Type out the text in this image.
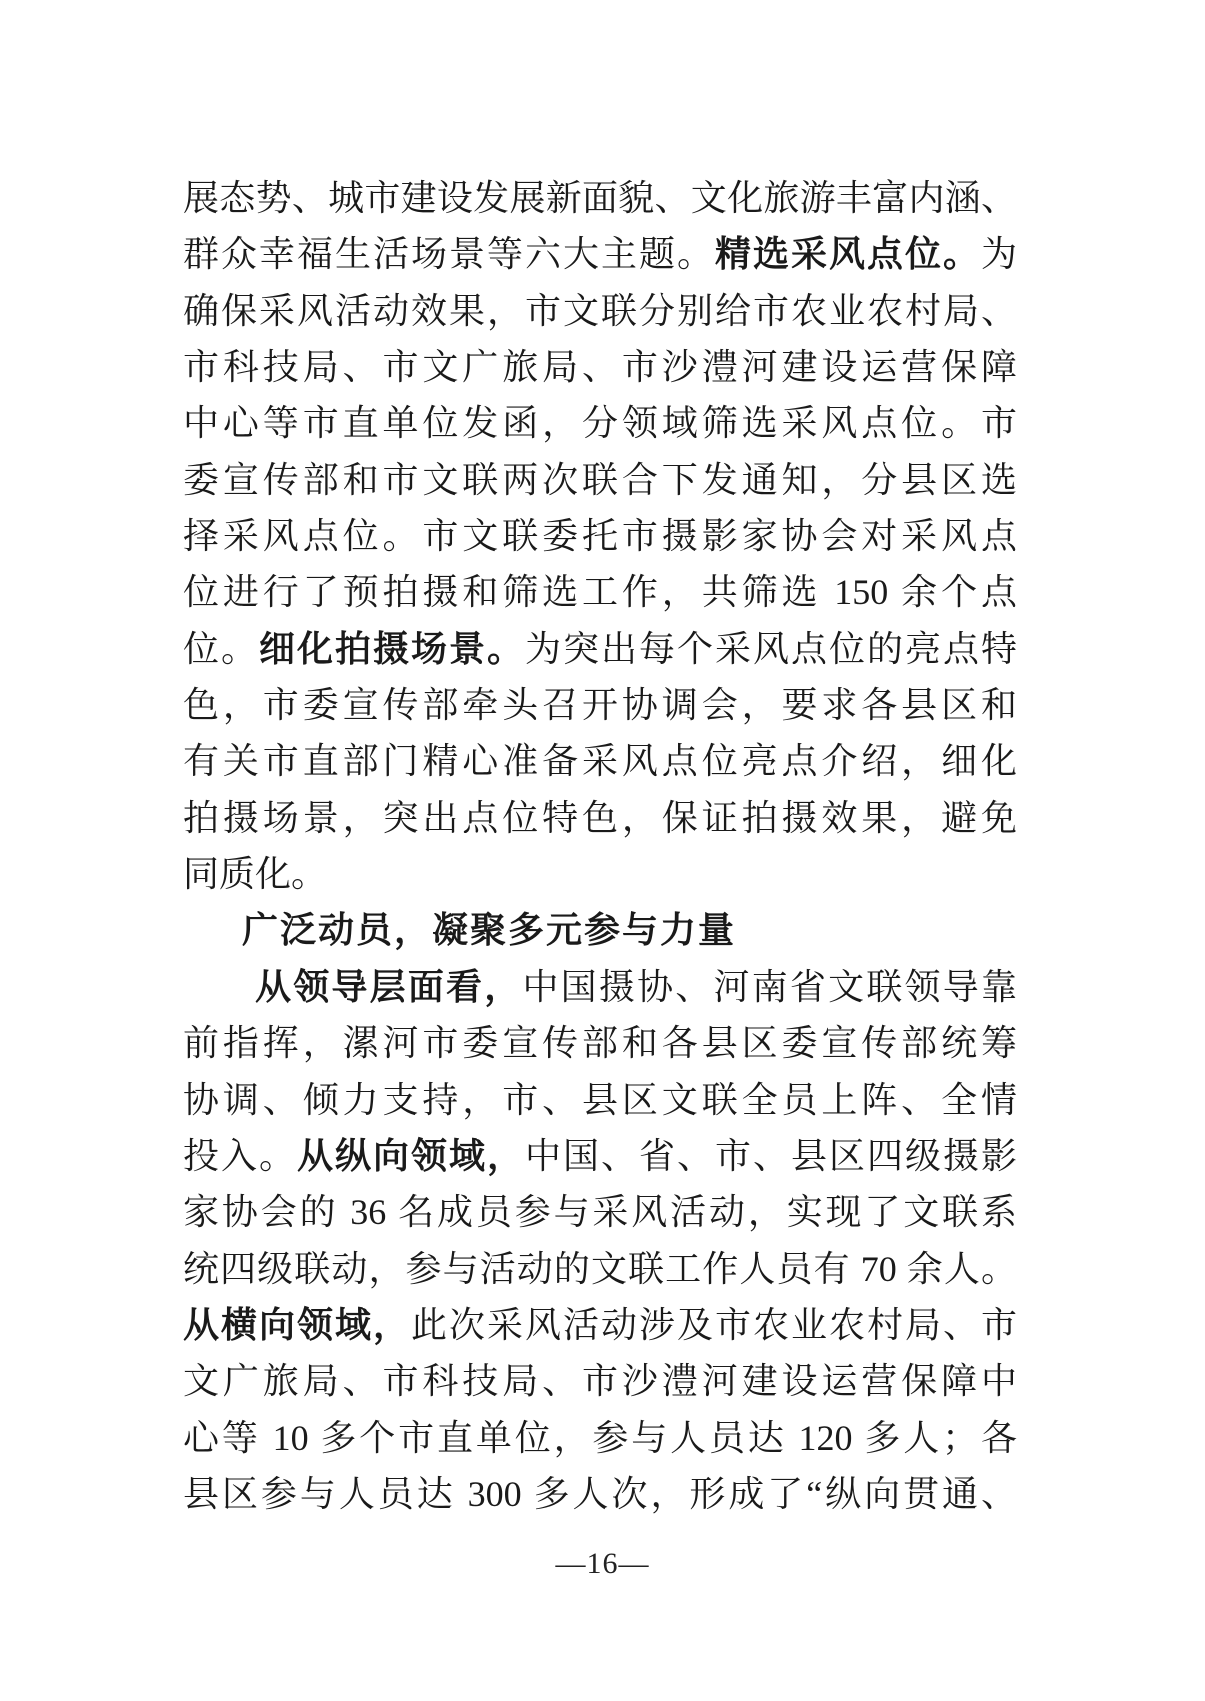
展态势、城市建设发展新面貌、文化旅游丰富内涵、
群众幸福生活场景等六大主题。精选采风点位。为
确保采风活动效果，市文联分别给市农业农村局、
市科技局、市文广旅局、市沙澧河建设运营保障
中心等市直单位发函，分领域筛选采风点位。市
委宣传部和市文联两次联合下发通知，分县区选
择采风点位。市文联委托市摄影家协会对采风点
位进行了预拍摄和筛选工作，共筛选 150 余个点
位。细化拍摄场景。为突出每个采风点位的亮点特
色，市委宣传部牵头召开协调会，要求各县区和
有关市直部门精心准备采风点位亮点介绍，细化
拍摄场景，突出点位特色，保证拍摄效果，避免
同质化。
广泛动员，凝聚多元参与力量
从领导层面看，中国摄协、河南省文联领导靠
前指挥，漯河市委宣传部和各县区委宣传部统筹
协调、倾力支持，市、县区文联全员上阵、全情
投入。从纵向领域，中国、省、市、县区四级摄影
家协会的 36 名成员参与采风活动，实现了文联系
统四级联动，参与活动的文联工作人员有 70 余人。
从横向领域，此次采风活动涉及市农业农村局、市
文广旅局、市科技局、市沙澧河建设运营保障中
心等 10 多个市直单位，参与人员达 120 多人；各
县区参与人员达 300 多人次，形成了“纵向贯通、
—16—
